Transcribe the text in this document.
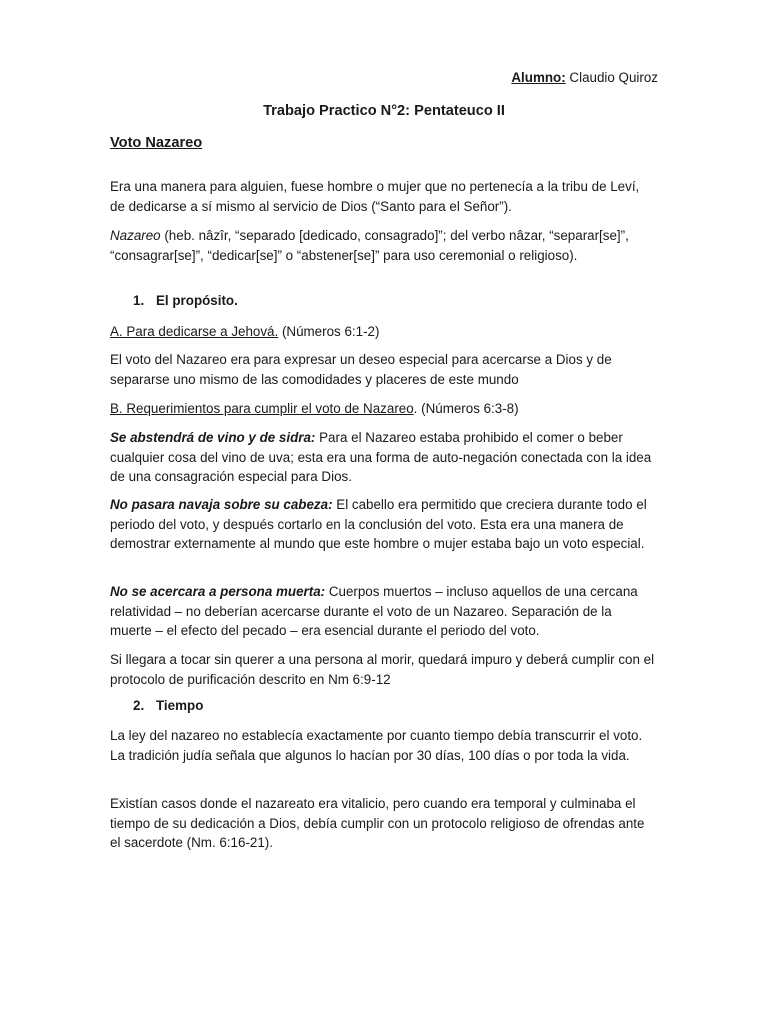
Alumno: Claudio Quiroz
Trabajo Practico N°2: Pentateuco II
Voto Nazareo

Era una manera para alguien, fuese hombre o mujer que no pertenecía a la tribu de Leví, de dedicarse a sí mismo al servicio de Dios (“Santo para el Señor”).

Nazareo (heb. nâzîr, “separado [dedicado, consagrado]”; del verbo nâzar, “separar[se]”, “consagrar[se]”, “dedicar[se]” o “abstener[se]” para uso ceremonial o religioso).

1. El propósito.

A. Para dedicarse a Jehová. (Números 6:1-2)

El voto del Nazareo era para expresar un deseo especial para acercarse a Dios y de separarse uno mismo de las comodidades y placeres de este mundo

B. Requerimientos para cumplir el voto de Nazareo. (Números 6:3-8)

Se abstendrá de vino y de sidra: Para el Nazareo estaba prohibido el comer o beber cualquier cosa del vino de uva; esta era una forma de auto-negación conectada con la idea de una consagración especial para Dios.

No pasara navaja sobre su cabeza: El cabello era permitido que creciera durante todo el periodo del voto, y después cortarlo en la conclusión del voto. Esta era una manera de demostrar externamente al mundo que este hombre o mujer estaba bajo un voto especial.

No se acercara a persona muerta: Cuerpos muertos – incluso aquellos de una cercana relatividad – no deberían acercarse durante el voto de un Nazareo. Separación de la muerte – el efecto del pecado – era esencial durante el periodo del voto.

Si llegara a tocar sin querer a una persona al morir, quedará impuro y deberá cumplir con el protocolo de purificación descrito en Nm 6:9-12

2. Tiempo

La ley del nazareo no establecía exactamente por cuanto tiempo debía transcurrir el voto. La tradición judía señala que algunos lo hacían por 30 días, 100 días o por toda la vida.

Existían casos donde el nazareato era vitalicio, pero cuando era temporal y culminaba el tiempo de su dedicación a Dios, debía cumplir con un protocolo religioso de ofrendas ante el sacerdote (Nm. 6:16-21).
